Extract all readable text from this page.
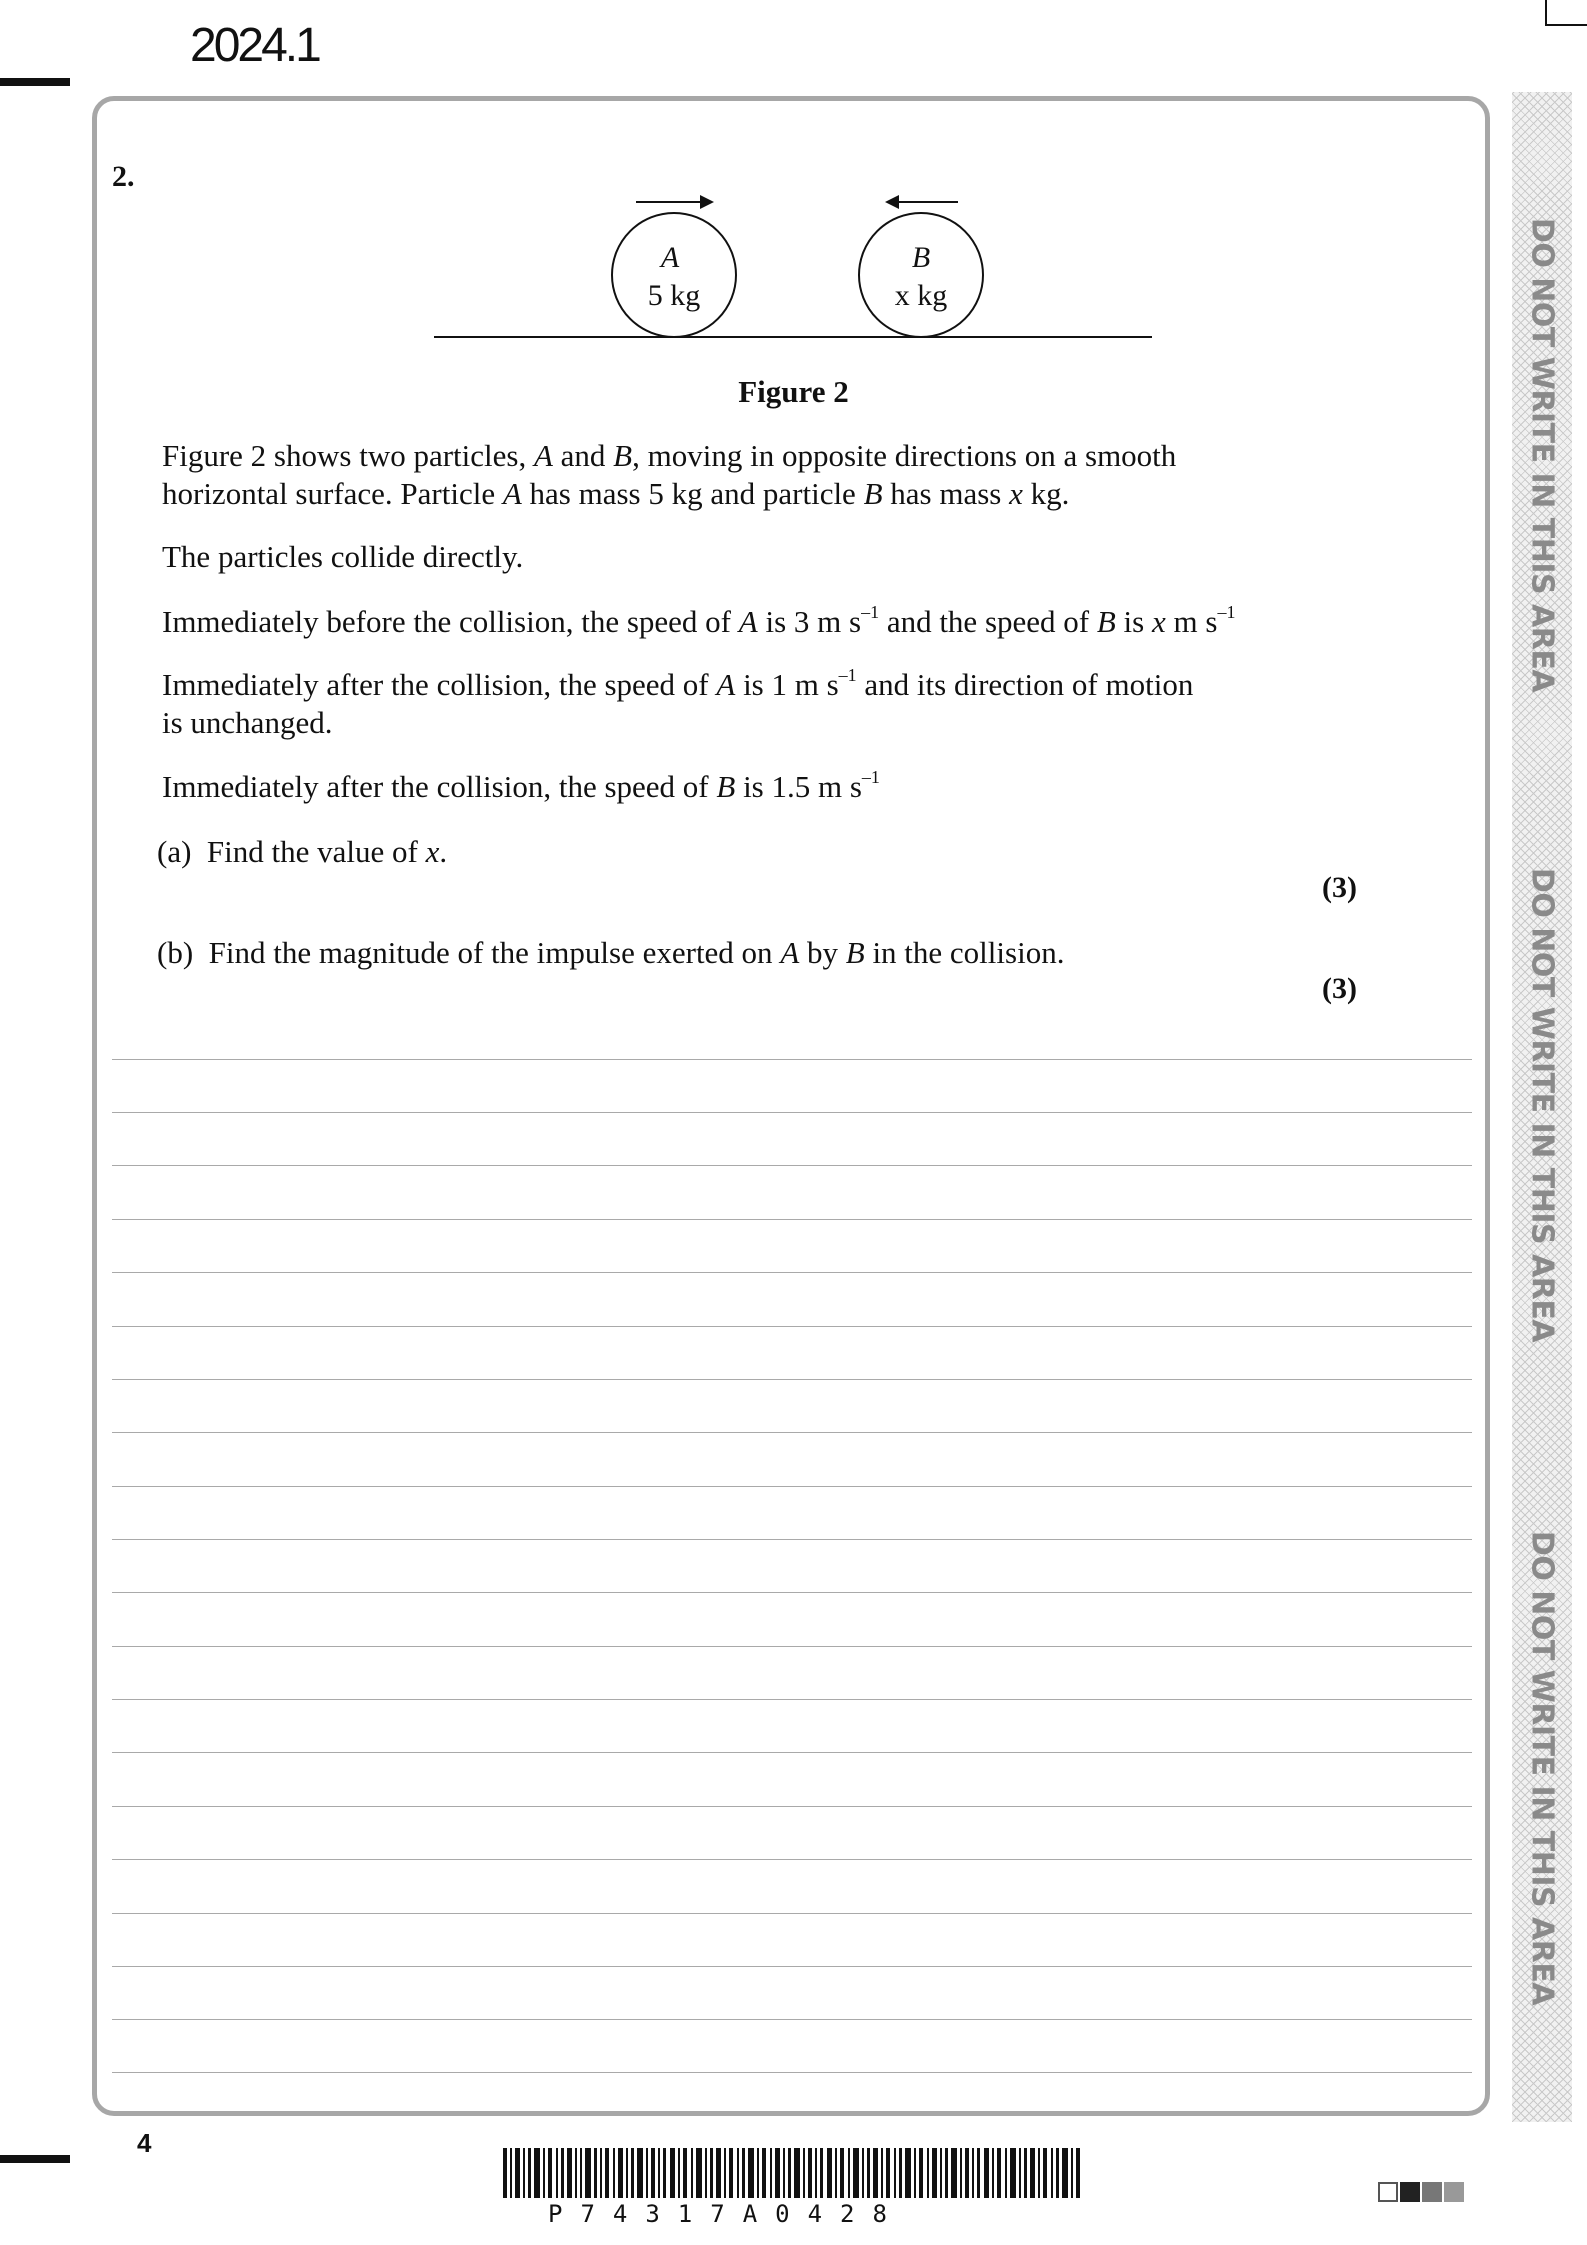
2024.1
DO NOT WRITE IN THIS AREA
DO NOT WRITE IN THIS AREA
DO NOT WRITE IN THIS AREA
2.
A
5 kg
B
x kg
Figure 2
Figure 2 shows two particles, A and B, moving in opposite directions on a smooth
horizontal surface. Particle A has mass 5 kg and particle B has mass x kg.
The particles collide directly.
Immediately before the collision, the speed of A is 3 m $s^{-1}$ and the speed of B is x m $s^{-1}$
Immediately after the collision, the speed of A is 1 m $s^{-1}$ and its direction of motion
is unchanged.
Immediately after the collision, the speed of B is 1.5 m $s^{-1}$
(a) Find the value of x.
(3)
(b) Find the magnitude of the impulse exerted on A by B in the collision.
(3)
4
P74317A0428
